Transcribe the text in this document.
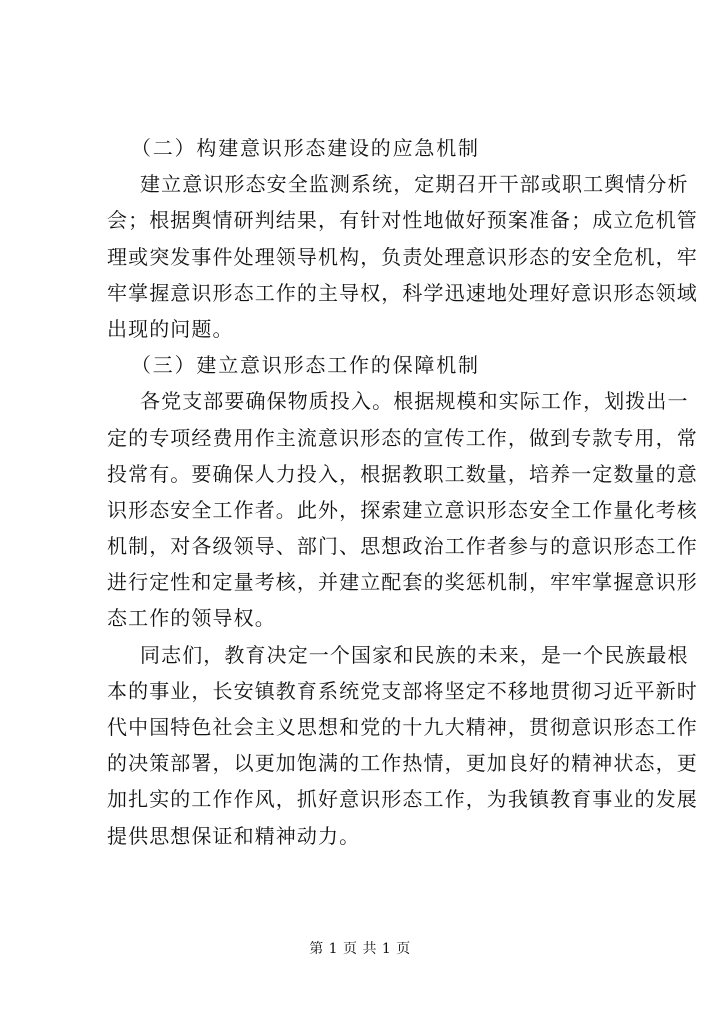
（二）构建意识形态建设的应急机制
建立意识形态安全监测系统，定期召开干部或职工舆情分析
会；根据舆情研判结果，有针对性地做好预案准备；成立危机管
理或突发事件处理领导机构，负责处理意识形态的安全危机，牢
牢掌握意识形态工作的主导权，科学迅速地处理好意识形态领域
出现的问题。
（三）建立意识形态工作的保障机制
各党支部要确保物质投入。根据规模和实际工作，划拨出一
定的专项经费用作主流意识形态的宣传工作，做到专款专用，常
投常有。要确保人力投入，根据教职工数量，培养一定数量的意
识形态安全工作者。此外，探索建立意识形态安全工作量化考核
机制，对各级领导、部门、思想政治工作者参与的意识形态工作
进行定性和定量考核，并建立配套的奖惩机制，牢牢掌握意识形
态工作的领导权。
同志们，教育决定一个国家和民族的未来，是一个民族最根
本的事业，长安镇教育系统党支部将坚定不移地贯彻习近平新时
代中国特色社会主义思想和党的十九大精神，贯彻意识形态工作
的决策部署，以更加饱满的工作热情，更加良好的精神状态，更
加扎实的工作作风，抓好意识形态工作，为我镇教育事业的发展
提供思想保证和精神动力。
第 1 页 共 1 页
